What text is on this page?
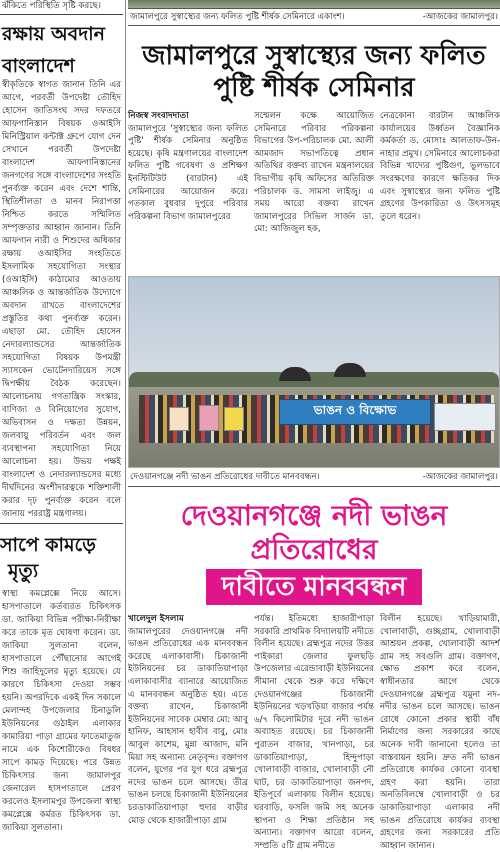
ঝঁকিতে পরিস্থিতি সৃষ্টি করছে।
রক্ষায় অবদান
বাংলাদেশ
স্বীকৃতিকে স্বাগত জানান তিনি এর আগে, পরবর্তী উপদেষ্টা তৌহিদ হোসেন জাতিসংঘ সদর দফতরে আফগানিস্তান বিষয়ক ওআইসি মিনিস্ট্রিয়াল কন্টাক্ট গ্রুপে যোগ দেন সেখানে পরবর্তী উপদেষ্টা বাংলাদেশ আফগানিস্তানের জনগণের সঙ্গে বাংলাদেশের সংহতি পুনর্ব্যক্ত করেন এবং দেশে শান্তি, স্থিতিশীলতা ও মানব নিরাপত্তা নিশ্চিত করতে সম্মিলিত সম্পৃক্ততার আহ্বান জানান। তিনি আফগান নারী ও শিশুদের অধিকার রক্ষায় ওআইসির সংহতিতে ইসলামিক সহযোগিতা সংস্থার (ওআইসি) কাঠামোর আওতায় আঞ্চলিক ও আন্তর্জাতিক উদ্যোগে অবদান রাখতে বাংলাদেশের প্রস্তুতির কথা পুনর্ব্যক্ত করেন। এছাড়া মো. তৌহিদ হোসেন নেদারল্যান্ডসের আন্তর্জাতিক সহযোগিতা বিষয়ক উপমন্ত্রী স্যাসকেন ভোটেনদারিয়েস সঙ্গে দ্বিপক্ষীয় বৈঠক করেছেন। আলোচনায় গণতান্ত্রিক সংস্কার, বাণিজ্য ও বিনিয়োগের সুযোগ, অভিবাসন ও দক্ষতা উন্নয়ন, জলবায়ু পরিবর্তন এবং জল ব্যবস্থাপনা সহযোগিতা নিয়ে আলোচনা হয়। উভয় পক্ষই বাংলাদেশ ও নেদারল্যান্ডসের মধ্যে দীর্ঘদিনের অংশীদারত্বকে শক্তিশালী করার দৃঢ় পুনর্ব্যক্ত করেন বলে জানায় পররাষ্ট্র মন্ত্রণালয়।
সাপে কামড়ে
মৃত্যু
স্বাস্থ্য কমপ্লেক্সে নিয়ে আসে। হাসপাতালে কর্তব্যরত চিকিৎসক ডা. জাকিয়া বিভিন্ন পরীক্ষা-নিরীক্ষা করে তাকে মৃত ঘোষণা করেন। ডা. জাকিয়া সুলতানা বলেন, হাসপাতালে পৌঁছানোর আগেই শিশু জাহিদুলের মৃত্যু হয়েছে। যে কারণে চিকিৎসা দেওয়া সম্ভব হয়নি। অপরদিকে একই দিন সকালে মেলান্দহ উপজেলার চিনাডুলি ইউনিয়নের গুঠাইল এলাকার কামারিয়া পাড়া গ্রামের ফাতেমাতুজ নামে এক কিশোরীকেও বিষধর সাপে কামড় দিয়েছে। পরে উন্নত চিকিৎসার জন্য জামালপুর জেনারেল হাসপাতালে প্রেরণ করলেও ইসলামপুর উপজেলা স্বাস্থ্য কমপ্লেক্সে কর্মরত চিকিৎসক ডা. জাকিয়া সুলতানা।
জামালপুরে সুস্বাস্থ্যের জন্য ফলিত পুষ্টি শীর্ষক সেমিনারে একাংশ।	-আজকের জামালপুর।
জামালপুরে সুস্বাস্থ্যের জন্য ফলিত
পুষ্টি শীর্ষক সেমিনার
নিজস্ব সংবাদদাতা
জামালপুরে 'সুস্বাস্থ্যের জন্য ফলিত পুষ্টি' শীর্ষক সেমিনার অনুষ্ঠিত হয়েছে। কৃষি মন্ত্রণালয়ের বাংলাদেশ ফলিত পুষ্টি গবেষণা ও প্রশিক্ষণ ইনস্টিটিউট (বারটান) এই সেমিনারের আয়োজন করে। গতকাল বুধবার দুপুরে পরিবার পরিকল্পনা বিভাগ জামালপুরের
সম্মেলন কক্ষে আয়োজিত সেমিনারে পরিবার পরিকল্পনা বিভাগের উপ-পরিচালক মো. আলী আমজাদ সভাপতিত্বে প্রধান অতিথির বক্তব্য রাখেন মন্ত্রনালয়ের বিভাগীয় কৃষি অফিসের অতিরিক্ত পরিচালক ড. সামসা লাইজু। এ সময় আরো বক্তব্য রাখেন জামালপুরের সিভিল সার্জন ডা. মো: আজিজুল হক,
নেত্রকোনা বারটান আঞ্চলিক কার্যালয়ের উর্ধ্বতন বৈজ্ঞানিক কর্মকর্তা ড. মোসাঃ আলতাফ-উন-নাহার প্রমুখ। সেমিনারে আলোচকরা বিভিন্ন খাদ্যের পুষ্টিগুণ, ভুলভাবে সংরক্ষণের কারণে ক্ষতিকর দিক এবং সুস্বাস্থ্যের জন্য ফলিত পুষ্টি গ্রহণের উপকারিতা ও উৎসসমূহ তুলে ধরেন।
ভাঙন ও বিক্ষোভ
দেওয়ানগঞ্জে নদী ভাঙন প্রতিরোধের দাবীতে মানববন্ধন।	-আজকের জামালপুর।
দেওয়ানগঞ্জে নদী ভাঙন প্রতিরোধের
দাবীতে মানববন্ধন
খালেদুল ইসলাম
জামালপুরের দেওয়ানগঞ্জে নদী ভাঙন প্রতিরোধের এক মানববন্ধন করেছে এলাকাবাসী। চিকাজানী ইউনিয়নের চর ডাকাতিয়াপাড়া এলাকাবাসীর ব্যানারে আয়োজিত এ মানববন্ধন অনুষ্ঠিত হয়। এতে বক্তব্য রাখেন, চিকাজানী ইউনিয়নের সাবেক মেম্বার মো: আবু হানিফ, আহসান হাবীব বাবু, মোঃ আবুল কাশেম, মুন্না আজাদ, মনি মিয়া সহ অন্যান্য নেতৃবৃন্দ। বক্তাগণ বলেন, যুগের পর যুগ ধরে ব্রহ্মপুত্র নদের ভাঙন চলে আসছে। তীব্র ভাঙন চলছে চিকাজানী ইউনিয়নের চরডাকাতিয়াপাড়া হুদার বাড়ীর মোড় থেকে হাজারীপাড়া গ্রাম
পর্যন্ত। ইতিমধ্যে হাজারীপাড়া সরকারি প্রাথমিক বিদ্যালয়টি নদীতে বিলীন হয়েছে। ব্রহ্মপুত্র নদের উত্তর পাইকারা জেলার ফুলছড়ি উপজেলার এরেন্ডাবাড়ী ইউনিয়নের সীমানা থেকে শুরু করে দক্ষিণে দেওয়ানগঞ্জের চিকাজানী ইউনিয়নের খড়খড়িয়া বাজার পর্যন্ত ৬/৭ কিলোমিটার দূরে নদী ভাঙন অব্যাহত রয়েছে। চর চিকাজানী পুরাতন বাজার, খানপাড়া, চর ডাকাতিয়াপাড়া, হিন্দুপাড়া খোলাবাড়ী বাজার, খোলাবাড়ী নৌ ঘাট, চর ডাকাতিয়াপাড়া জনপদ, ইতিপূর্বে এলাকায় বিলীন হয়েছে। ঘরবাড়ি, ফসলি জমি সহ অনেক স্থাপনা ও শিক্ষা প্রতিষ্ঠান সহ অন্যান্য। বক্তাগণ আরো বলেন, সম্প্রতি ৫টি গ্রাম নদীতে
বিলীন হয়েছে। খাড়িয়ামারী, খোলাবাড়ী, গুচ্ছগ্রাম, খোলাবাড়ী আশ্রয়ন প্রকল্প, খোলাবাড়ী আদর্শ গ্রাম সহ সবগুলি গ্রাম। বক্তাগণ, ক্ষোভ প্রকাশ করে বলেন, স্বাধীনতার আগে থেকে দেওয়ানগঞ্জে ব্রহ্মপুত্র যমুনা নদ-নদীর ভাঙন চলে আসছে। ভাঙন রোধে কোনো প্রকার স্থায়ী বাঁধ নির্মাণের জন্য সরকারের কাছে অনেক দাবী জানানো হলেও তা বাস্তবায়ন হয়নি। দ্রুত নদী ভাঙন প্রতিরোধে কার্যকর কোনো ব্যবস্থা গ্রহণ করা হয়নি। তারা অনতিবিলম্বে খোলাবাড়ী ও চর ডাকাতিয়াপাড়া এলাকার নদী ভাঙন প্রতিরোধে কার্যকর ব্যবস্থা গ্রহণের জন্য সরকারের প্রতি আহ্বান জানান।
